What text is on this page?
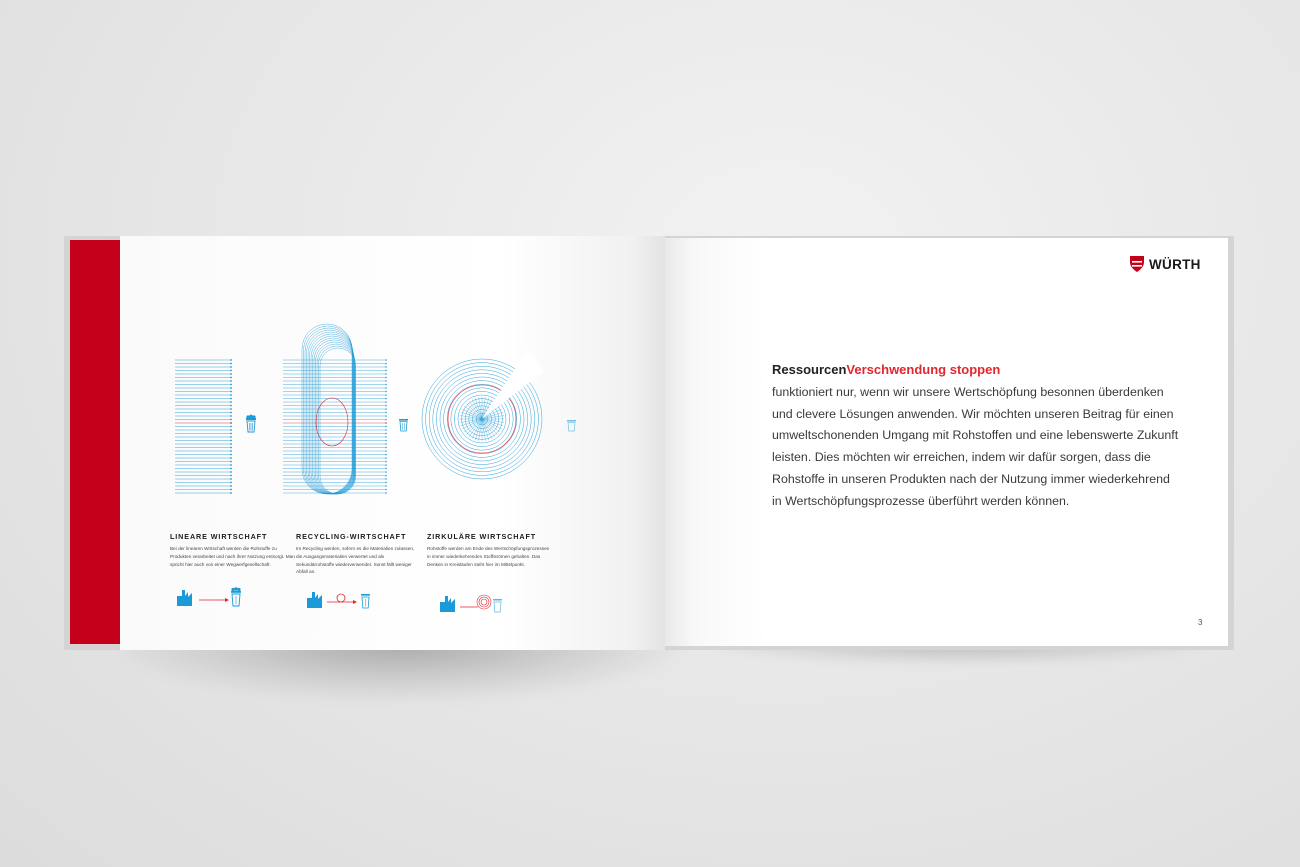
LINEARE WIRTSCHAFT
Bei der linearen Wirtschaft werden die Rohstoffe zu Produkten verarbeitet und nach ihrer Nutzung entsorgt. Man spricht hier auch von einer Wegwerfgesellschaft.
RECYCLING-WIRTSCHAFT
Im Recycling werden, sofern es die Materialien zulassen, die Ausgangsmaterialien verwertet und als Sekundärrohstoffe wiederverwendet. Sonst fällt weniger Abfall an.
ZIRKULÄRE WIRTSCHAFT
Rohstoffe werden am Ende des Wertschöpfungsprozesses in immer wiederkehrenden Stoffströmen gehalten. Das Denken in Kreisläufen steht hier im Mittelpunkt.
WÜRTH
RessourcenVerschwendung stoppen
funktioniert nur, wenn wir unsere Wertschöpfung besonnen überdenken und clevere Lösungen anwenden. Wir möchten unseren Beitrag für einen umweltschonenden Umgang mit Rohstoffen und eine lebenswerte Zukunft leisten. Dies möchten wir erreichen, indem wir dafür sorgen, dass die Rohstoffe in unseren Produkten nach der Nutzung immer wiederkehrend in Wertschöpfungsprozesse überführt werden können.
3
